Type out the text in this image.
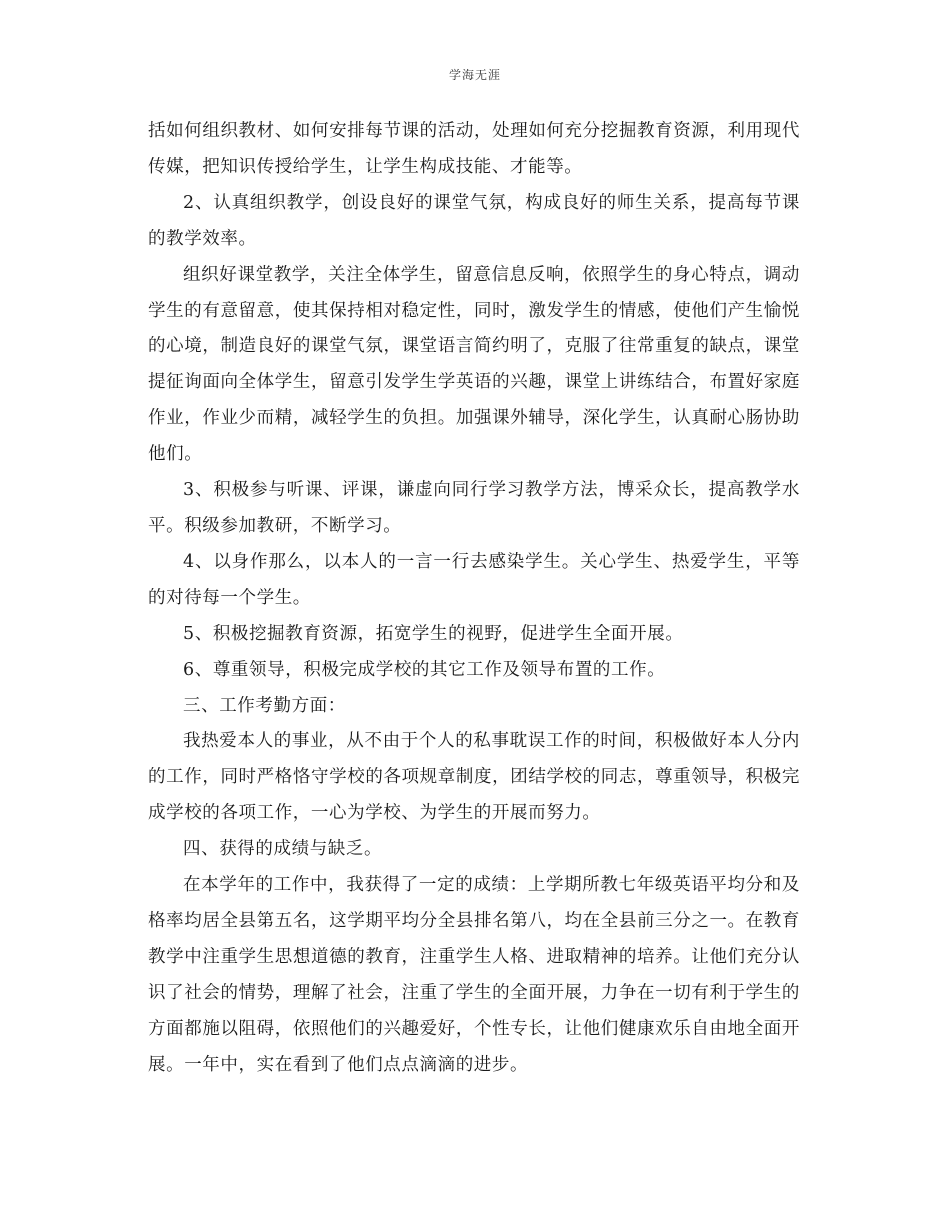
学海无涯

括如何组织教材、如何安排每节课的活动，处理如何充分挖掘教育资源，利用现代传媒，把知识传授给学生，让学生构成技能、才能等。

2、认真组织教学，创设良好的课堂气氛，构成良好的师生关系，提高每节课的教学效率。

组织好课堂教学，关注全体学生，留意信息反响，依照学生的身心特点，调动学生的有意留意，使其保持相对稳定性，同时，激发学生的情感，使他们产生愉悦的心境，制造良好的课堂气氛，课堂语言简约明了，克服了往常重复的缺点，课堂提征询面向全体学生，留意引发学生学英语的兴趣，课堂上讲练结合，布置好家庭作业，作业少而精，减轻学生的负担。加强课外辅导，深化学生，认真耐心肠协助他们。

3、积极参与听课、评课，谦虚向同行学习教学方法，博采众长，提高教学水平。积级参加教研，不断学习。

4、以身作那么，以本人的一言一行去感染学生。关心学生、热爱学生，平等的对待每一个学生。

5、积极挖掘教育资源，拓宽学生的视野，促进学生全面开展。

6、尊重领导，积极完成学校的其它工作及领导布置的工作。

三、工作考勤方面：

我热爱本人的事业，从不由于个人的私事耽误工作的时间，积极做好本人分内的工作，同时严格恪守学校的各项规章制度，团结学校的同志，尊重领导，积极完成学校的各项工作，一心为学校、为学生的开展而努力。

四、获得的成绩与缺乏。

在本学年的工作中，我获得了一定的成绩：上学期所教七年级英语平均分和及格率均居全县第五名，这学期平均分全县排名第八，均在全县前三分之一。在教育教学中注重学生思想道德的教育，注重学生人格、进取精神的培养。让他们充分认识了社会的情势，理解了社会，注重了学生的全面开展，力争在一切有利于学生的方面都施以阻碍，依照他们的兴趣爱好，个性专长，让他们健康欢乐自由地全面开展。一年中，实在看到了他们点点滴滴的进步。
